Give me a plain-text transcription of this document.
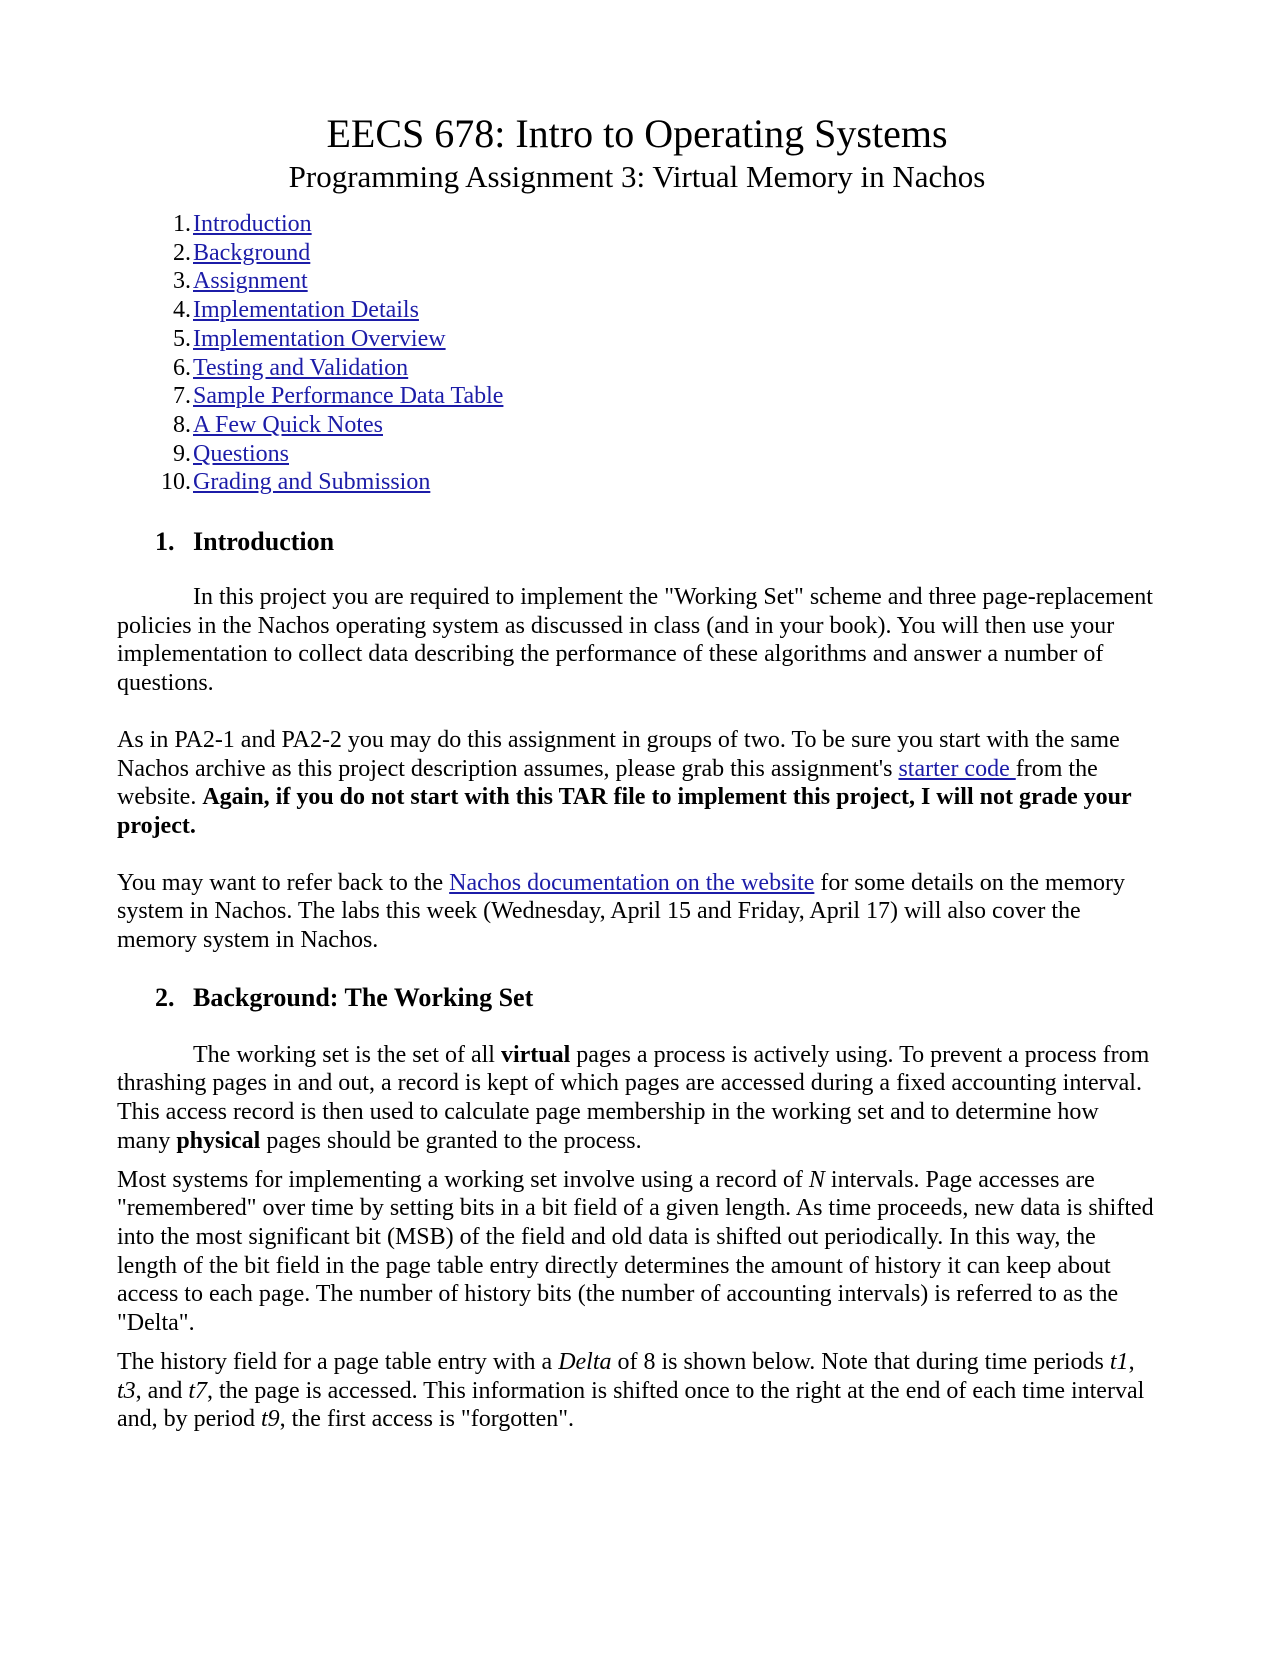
EECS 678: Intro to Operating Systems
Programming Assignment 3: Virtual Memory in Nachos
1. Introduction
2. Background
3. Assignment
4. Implementation Details
5. Implementation Overview
6. Testing and Validation
7. Sample Performance Data Table
8. A Few Quick Notes
9. Questions
10. Grading and Submission
1. Introduction

In this project you are required to implement the "Working Set" scheme and three page-replacement policies in the Nachos operating system as discussed in class (and in your book). You will then use your implementation to collect data describing the performance of these algorithms and answer a number of questions.

As in PA2-1 and PA2-2 you may do this assignment in groups of two. To be sure you start with the same Nachos archive as this project description assumes, please grab this assignment's starter code from the website. Again, if you do not start with this TAR file to implement this project, I will not grade your project.

You may want to refer back to the Nachos documentation on the website for some details on the memory system in Nachos. The labs this week (Wednesday, April 15 and Friday, April 17) will also cover the memory system in Nachos.

2. Background: The Working Set

The working set is the set of all virtual pages a process is actively using. To prevent a process from thrashing pages in and out, a record is kept of which pages are accessed during a fixed accounting interval. This access record is then used to calculate page membership in the working set and to determine how many physical pages should be granted to the process.

Most systems for implementing a working set involve using a record of N intervals. Page accesses are "remembered" over time by setting bits in a bit field of a given length. As time proceeds, new data is shifted into the most significant bit (MSB) of the field and old data is shifted out periodically. In this way, the length of the bit field in the page table entry directly determines the amount of history it can keep about access to each page. The number of history bits (the number of accounting intervals) is referred to as the "Delta".

The history field for a page table entry with a Delta of 8 is shown below. Note that during time periods t1, t3, and t7, the page is accessed. This information is shifted once to the right at the end of each time interval and, by period t9, the first access is "forgotten".
